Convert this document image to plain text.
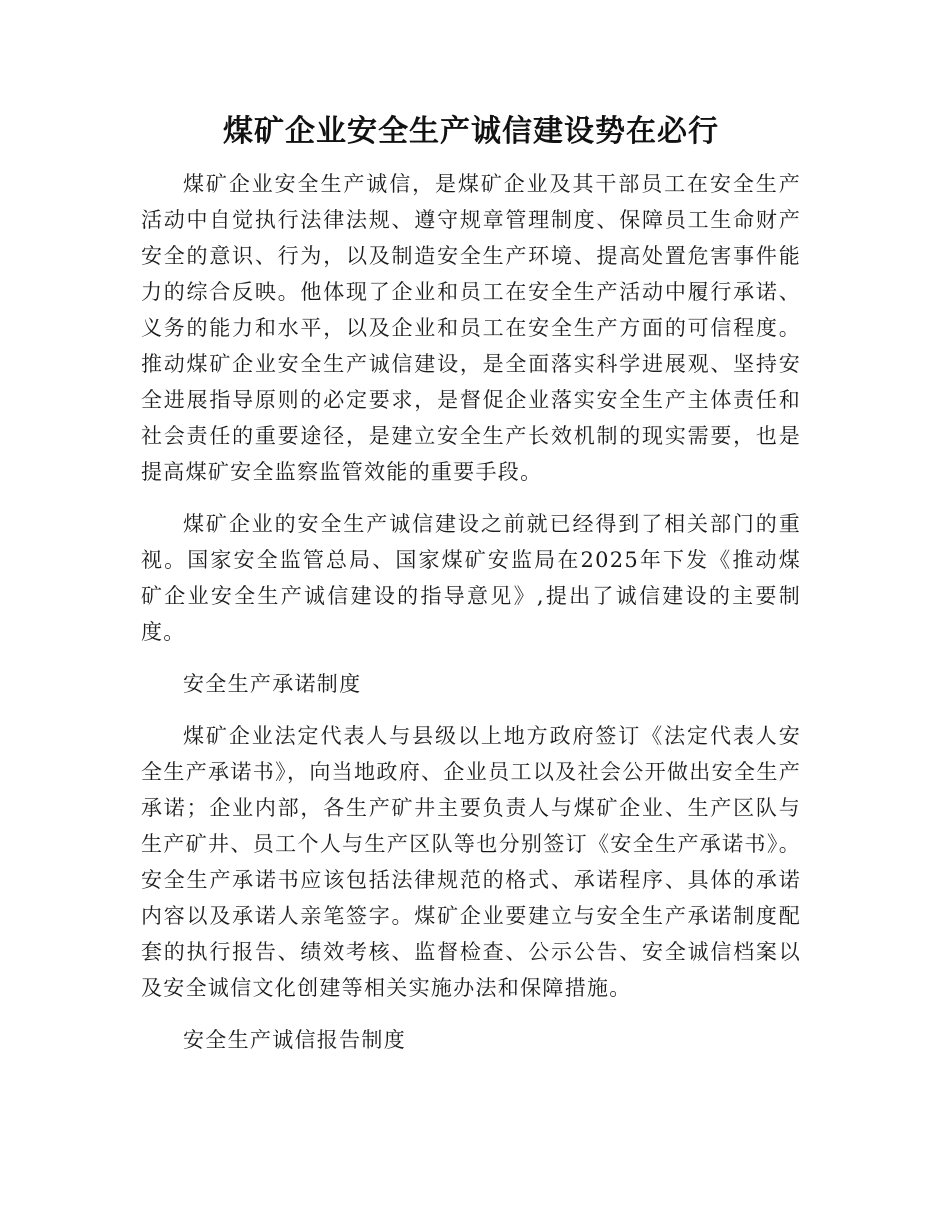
煤矿企业安全生产诚信建设势在必行

煤矿企业安全生产诚信，是煤矿企业及其干部员工在安全生产活动中自觉执行法律法规、遵守规章管理制度、保障员工生命财产安全的意识、行为，以及制造安全生产环境、提高处置危害事件能力的综合反映。他体现了企业和员工在安全生产活动中履行承诺、义务的能力和水平，以及企业和员工在安全生产方面的可信程度。推动煤矿企业安全生产诚信建设，是全面落实科学进展观、坚持安全进展指导原则的必定要求，是督促企业落实安全生产主体责任和社会责任的重要途径，是建立安全生产长效机制的现实需要，也是提高煤矿安全监察监管效能的重要手段。

煤矿企业的安全生产诚信建设之前就已经得到了相关部门的重视。国家安全监管总局、国家煤矿安监局在2025年下发《推动煤矿企业安全生产诚信建设的指导意见》,提出了诚信建设的主要制度。

安全生产承诺制度

煤矿企业法定代表人与县级以上地方政府签订《法定代表人安全生产承诺书》，向当地政府、企业员工以及社会公开做出安全生产承诺；企业内部，各生产矿井主要负责人与煤矿企业、生产区队与生产矿井、员工个人与生产区队等也分别签订《安全生产承诺书》。安全生产承诺书应该包括法律规范的格式、承诺程序、具体的承诺内容以及承诺人亲笔签字。煤矿企业要建立与安全生产承诺制度配套的执行报告、绩效考核、监督检查、公示公告、安全诚信档案以及安全诚信文化创建等相关实施办法和保障措施。

安全生产诚信报告制度
